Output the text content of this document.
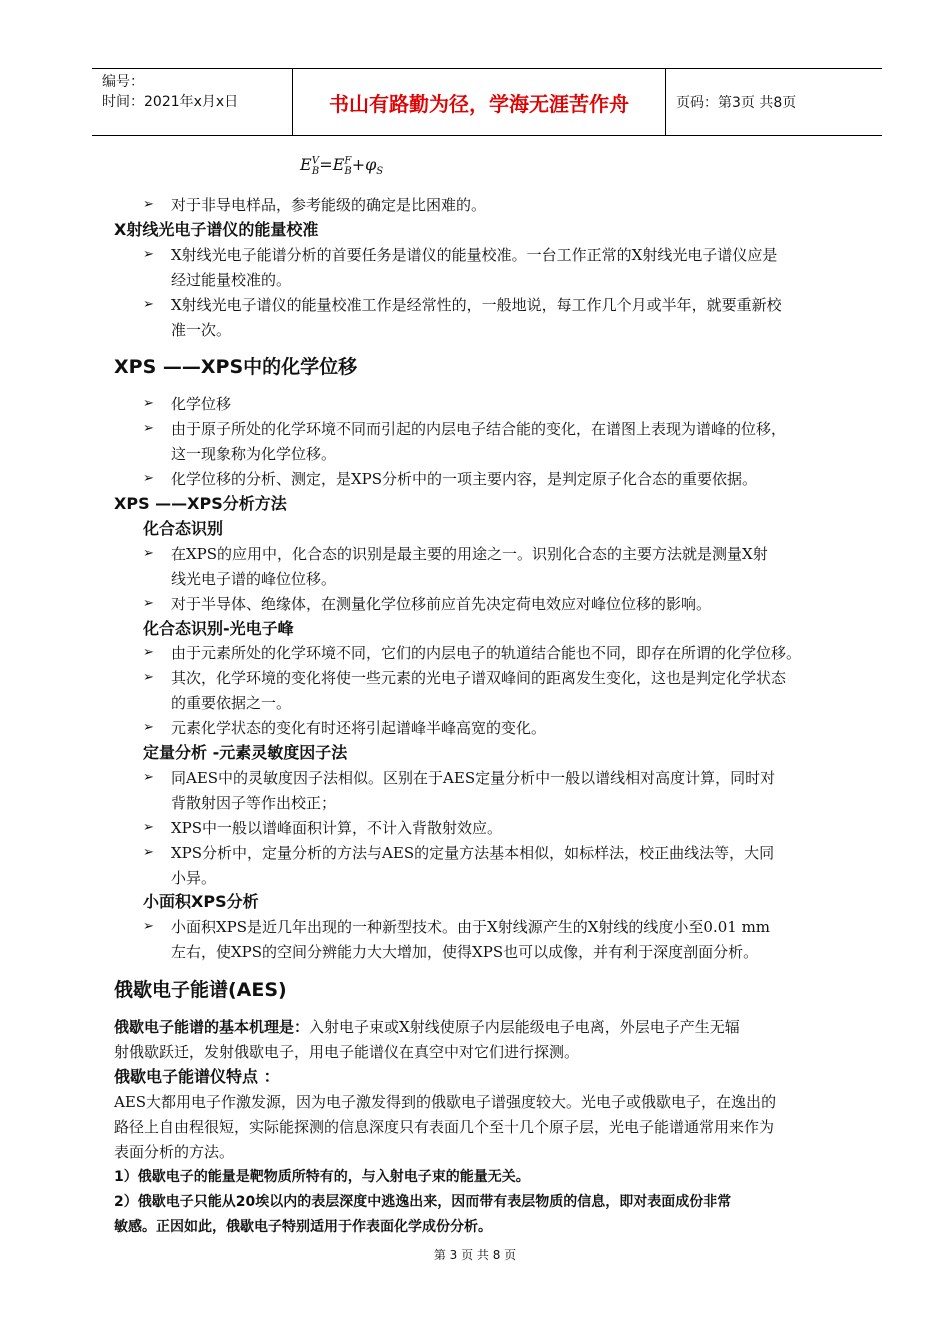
编号：
时间：2021年x月x日	书山有路勤为径，学海无涯苦作舟	页码：第3页 共8页
$E^V_B=E^F_B+\varphi_S$
➢ 对于非导电样品，参考能级的确定是比困难的。
X射线光电子谱仪的能量校准
➢ X射线光电子能谱分析的首要任务是谱仪的能量校准。一台工作正常的X射线光电子谱仪应是
经过能量校准的。
➢ X射线光电子谱仪的能量校准工作是经常性的，一般地说，每工作几个月或半年，就要重新校
准一次。
XPS ——XPS中的化学位移
➢ 化学位移
➢ 由于原子所处的化学环境不同而引起的内层电子结合能的变化，在谱图上表现为谱峰的位移，
这一现象称为化学位移。
➢ 化学位移的分析、测定，是XPS分析中的一项主要内容，是判定原子化合态的重要依据。
XPS ——XPS分析方法
化合态识别
➢ 在XPS的应用中，化合态的识别是最主要的用途之一。识别化合态的主要方法就是测量X射
线光电子谱的峰位位移。
➢ 对于半导体、绝缘体，在测量化学位移前应首先决定荷电效应对峰位位移的影响。
化合态识别-光电子峰
➢ 由于元素所处的化学环境不同，它们的内层电子的轨道结合能也不同，即存在所谓的化学位移。
➢ 其次，化学环境的变化将使一些元素的光电子谱双峰间的距离发生变化，这也是判定化学状态
的重要依据之一。
➢ 元素化学状态的变化有时还将引起谱峰半峰高宽的变化。
定量分析 -元素灵敏度因子法
➢ 同AES中的灵敏度因子法相似。区别在于AES定量分析中一般以谱线相对高度计算，同时对
背散射因子等作出校正；
➢ XPS中一般以谱峰面积计算，不计入背散射效应。
➢ XPS分析中，定量分析的方法与AES的定量方法基本相似，如标样法，校正曲线法等，大同
小异。
小面积XPS分析
➢ 小面积XPS是近几年出现的一种新型技术。由于X射线源产生的X射线的线度小至0.01 mm
左右，使XPS的空间分辨能力大大增加，使得XPS也可以成像，并有利于深度剖面分析。
俄歇电子能谱(AES)
俄歇电子能谱的基本机理是：入射电子束或X射线使原子内层能级电子电离，外层电子产生无辐
射俄歇跃迁，发射俄歇电子，用电子能谱仪在真空中对它们进行探测。
俄歇电子能谱仪特点 ：
AES大都用电子作激发源，因为电子激发得到的俄歇电子谱强度较大。光电子或俄歇电子，在逸出的
路径上自由程很短，实际能探测的信息深度只有表面几个至十几个原子层，光电子能谱通常用来作为
表面分析的方法。
1）俄歇电子的能量是靶物质所特有的，与入射电子束的能量无关。
2）俄歇电子只能从20埃以内的表层深度中逃逸出来，因而带有表层物质的信息，即对表面成份非常
敏感。正因如此，俄歇电子特别适用于作表面化学成份分析。
第 3 页 共 8 页
